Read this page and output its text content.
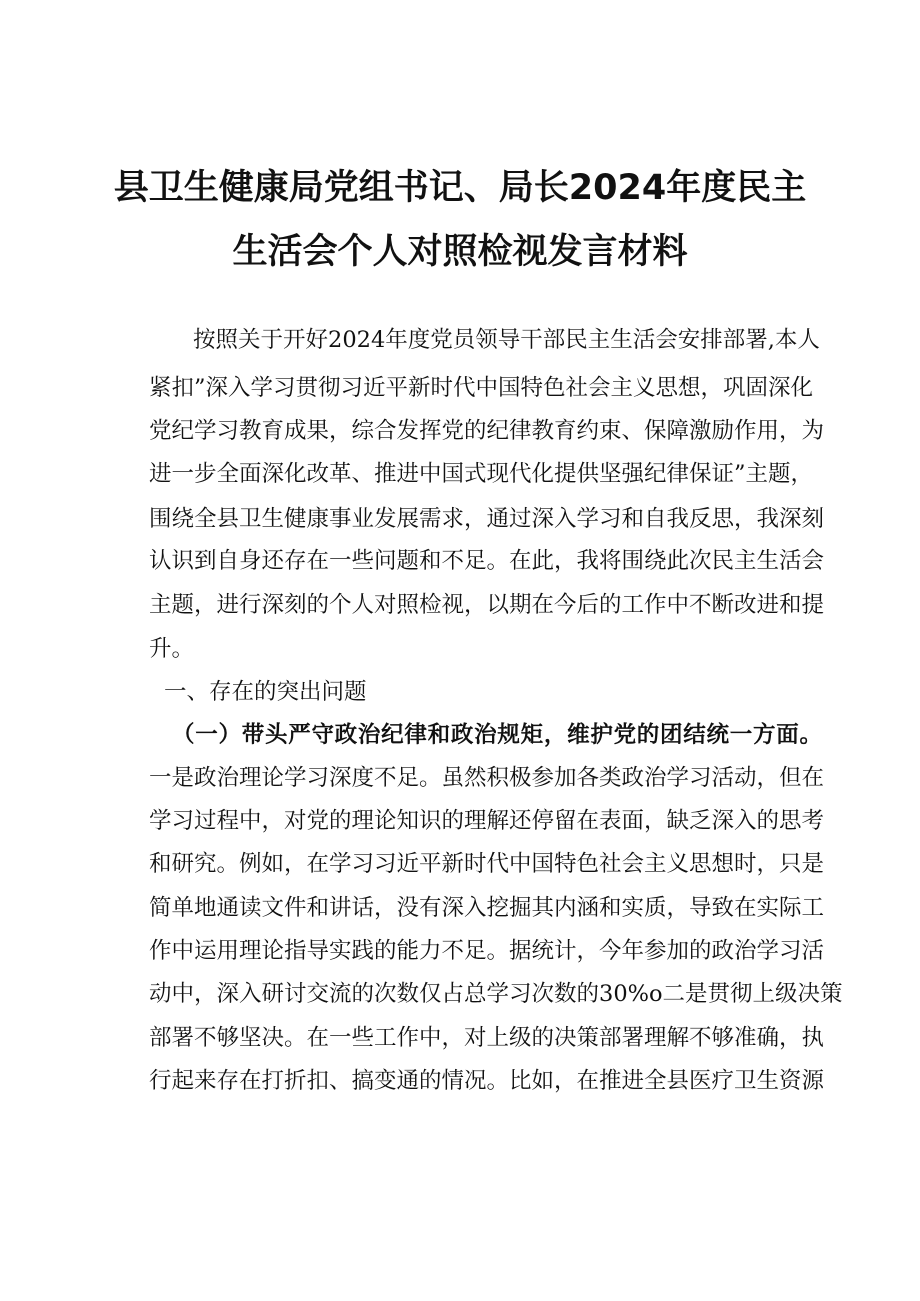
县卫生健康局党组书记、局长2024年度民主
生活会个人对照检视发言材料
按照关于开好2024年度党员领导干部民主生活会安排部署,本人
紧扣”深入学习贯彻习近平新时代中国特色社会主义思想，巩固深化
党纪学习教育成果，综合发挥党的纪律教育约束、保障激励作用，为
进一步全面深化改革、推进中国式现代化提供坚强纪律保证”主题，
围绕全县卫生健康事业发展需求，通过深入学习和自我反思，我深刻
认识到自身还存在一些问题和不足。在此，我将围绕此次民主生活会
主题，进行深刻的个人对照检视，以期在今后的工作中不断改进和提
升。
一、存在的突出问题
（一）带头严守政治纪律和政治规矩，维护党的团结统一方面。
一是政治理论学习深度不足。虽然积极参加各类政治学习活动，但在
学习过程中，对党的理论知识的理解还停留在表面，缺乏深入的思考
和研究。例如，在学习习近平新时代中国特色社会主义思想时，只是
简单地通读文件和讲话，没有深入挖掘其内涵和实质，导致在实际工
作中运用理论指导实践的能力不足。据统计，今年参加的政治学习活
动中，深入研讨交流的次数仅占总学习次数的30%o二是贯彻上级决策
部署不够坚决。在一些工作中，对上级的决策部署理解不够准确，执
行起来存在打折扣、搞变通的情况。比如，在推进全县医疗卫生资源
